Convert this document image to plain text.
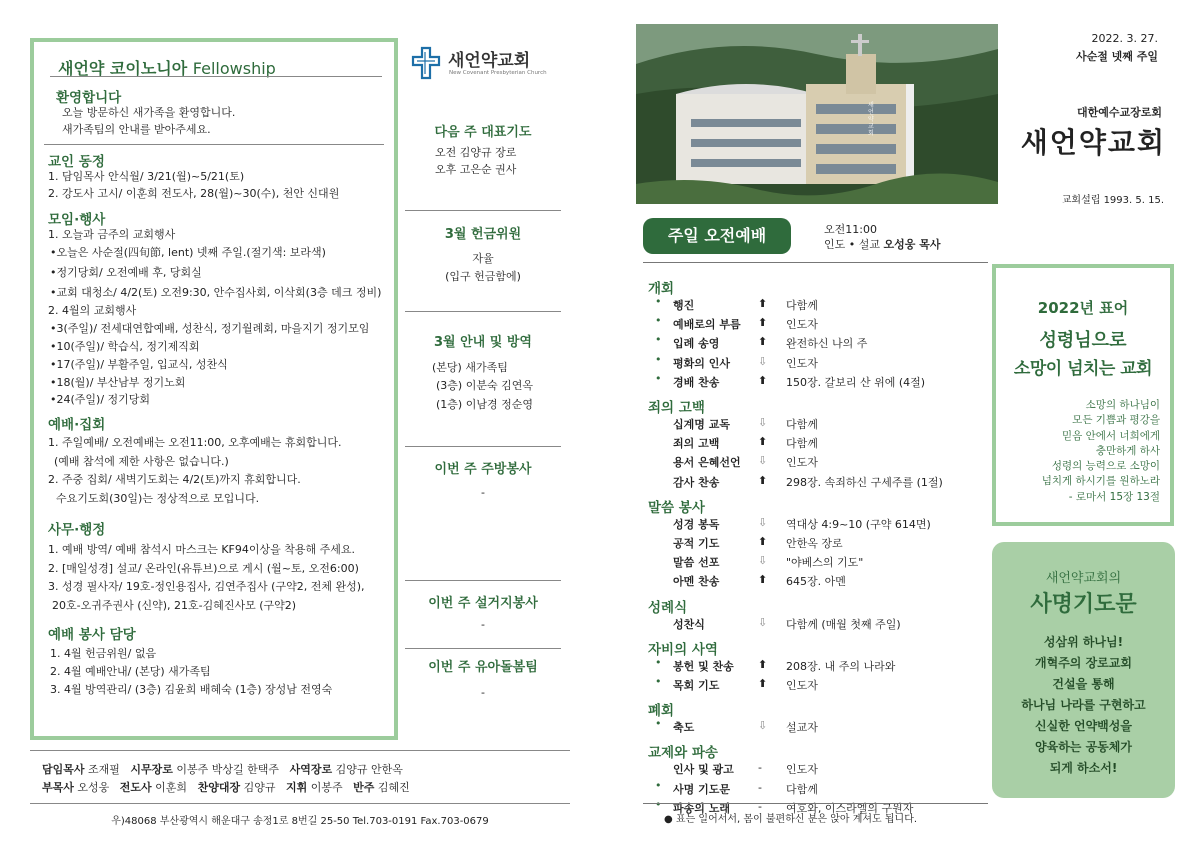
새언약 코이노니아 Fellowship
환영합니다
오늘 방문하신 새가족을 환영합니다.
새가족팀의 안내를 받아주세요.
교인 동정
1. 담임목사 안식월/ 3/21(월)~5/21(토)
2. 강도사 고시/ 이훈희 전도사, 28(월)~30(수), 천안 신대원
모임·행사
1. 오늘과 금주의 교회행사
•오늘은 사순절(四旬節, lent) 넷째 주일.(절기색: 보라색)
•정기당회/ 오전예배 후, 당회실
•교회 대청소/ 4/2(토) 오전9:30, 안수집사회, 이삭회(3층 데크 정비)
2. 4월의 교회행사
•3(주일)/ 전세대연합예배, 성찬식, 정기월례회, 마을지기 정기모임
•10(주일)/ 학습식, 정기제직회
•17(주일)/ 부활주일, 입교식, 성찬식
•18(월)/ 부산남부 정기노회
•24(주일)/ 정기당회
예배·집회
1. 주일예배/ 오전예배는 오전11:00, 오후예배는 휴회합니다.
(예배 참석에 제한 사항은 없습니다.)
2. 주중 집회/ 새벽기도회는 4/2(토)까지 휴회합니다.
수요기도회(30일)는 정상적으로 모입니다.
사무·행정
1. 예배 방역/ 예배 참석시 마스크는 KF94이상을 착용해 주세요.
2. [매일성경] 설교/ 온라인(유튜브)으로 게시 (월~토, 오전6:00)
3. 성경 필사자/ 19호-정인용집사, 김연주집사 (구약2, 전체 완성),
20호-오귀주권사 (신약), 21호-김혜진사모 (구약2)
예배 봉사 담당
1. 4월 헌금위원/ 없음
2. 4월 예배안내/ (본당) 새가족팀
3. 4월 방역관리/ (3층) 김윤희 배혜숙 (1층) 장성남 전영숙
담임목사 조재필 시무장로 이봉주 박상길 한택주 사역장로 김양규 안한옥
부목사 오성웅 전도사 이훈희 찬양대장 김양규 지휘 이봉주 반주 김혜진
우)48068 부산광역시 해운대구 송정1로 8번길 25-50 Tel.703-0191 Fax.703-0679
새언약교회
New Covenant Presbyterian Church
다음 주 대표기도
오전 김양규 장로
오후 고은순 권사
3월 헌금위원
자율
(입구 헌금함에)
3월 안내 및 방역
(본당) 새가족팀
(3층) 이분숙 김연옥
(1층) 이남경 정순영
이번 주 주방봉사
-
이번 주 설거지봉사
-
이번 주 유아돌봄팀
-
새언약교회
2022. 3. 27.
사순절 넷째 주일
대한예수교장로회
새언약교회
교회설립 1993. 5. 15.
주일 오전예배	오전11:00
인도 • 설교 오성웅 목사
개회
• 행진	⬆ 다함께
• 예배로의 부름 ⬆ 인도자
• 입례 송영	⬆ 완전하신 나의 주
• 평화의 인사	⇩ 인도자
• 경배 찬송	⬆ 150장. 갈보리 산 위에 (4절)
죄의 고백
십계명 교독	⇩ 다함께
죄의 고백	⬆ 다함께
용서 은혜선언 ⇩ 인도자
감사 찬송	⬆ 298장. 속죄하신 구세주를 (1절)
말씀 봉사
성경 봉독	⇩ 역대상 4:9~10 (구약 614면)
공적 기도	⬆ 안한옥 장로
말씀 선포	⇩ "야베스의 기도"
아멘 찬송	⬆ 645장. 아멘
성례식
성찬식	⇩ 다함께 (매월 첫째 주일)
자비의 사역
• 봉헌 및 찬송 ⬆ 208장. 내 주의 나라와
• 목회 기도	⬆ 인도자
폐회
• 축도	⇩ 설교자
교제와 파송
인사 및 광고 - 인도자
• 사명 기도문	- 다함께
• 파송의 노래	- 여호와, 이스라엘의 구원자
● 표는 일어서서, 몸이 불편하신 분은 앉아 계셔도 됩니다.
2022년 표어
성령님으로
소망이 넘치는 교회
소망의 하나님이
모든 기쁨과 평강을
믿음 안에서 너희에게
충만하게 하사
성령의 능력으로 소망이
넘치게 하시기를 원하노라
- 로마서 15장 13절
새언약교회의
사명기도문
성삼위 하나님!
개혁주의 장로교회
건설을 통해
하나님 나라를 구현하고
신실한 언약백성을
양육하는 공동체가
되게 하소서!
